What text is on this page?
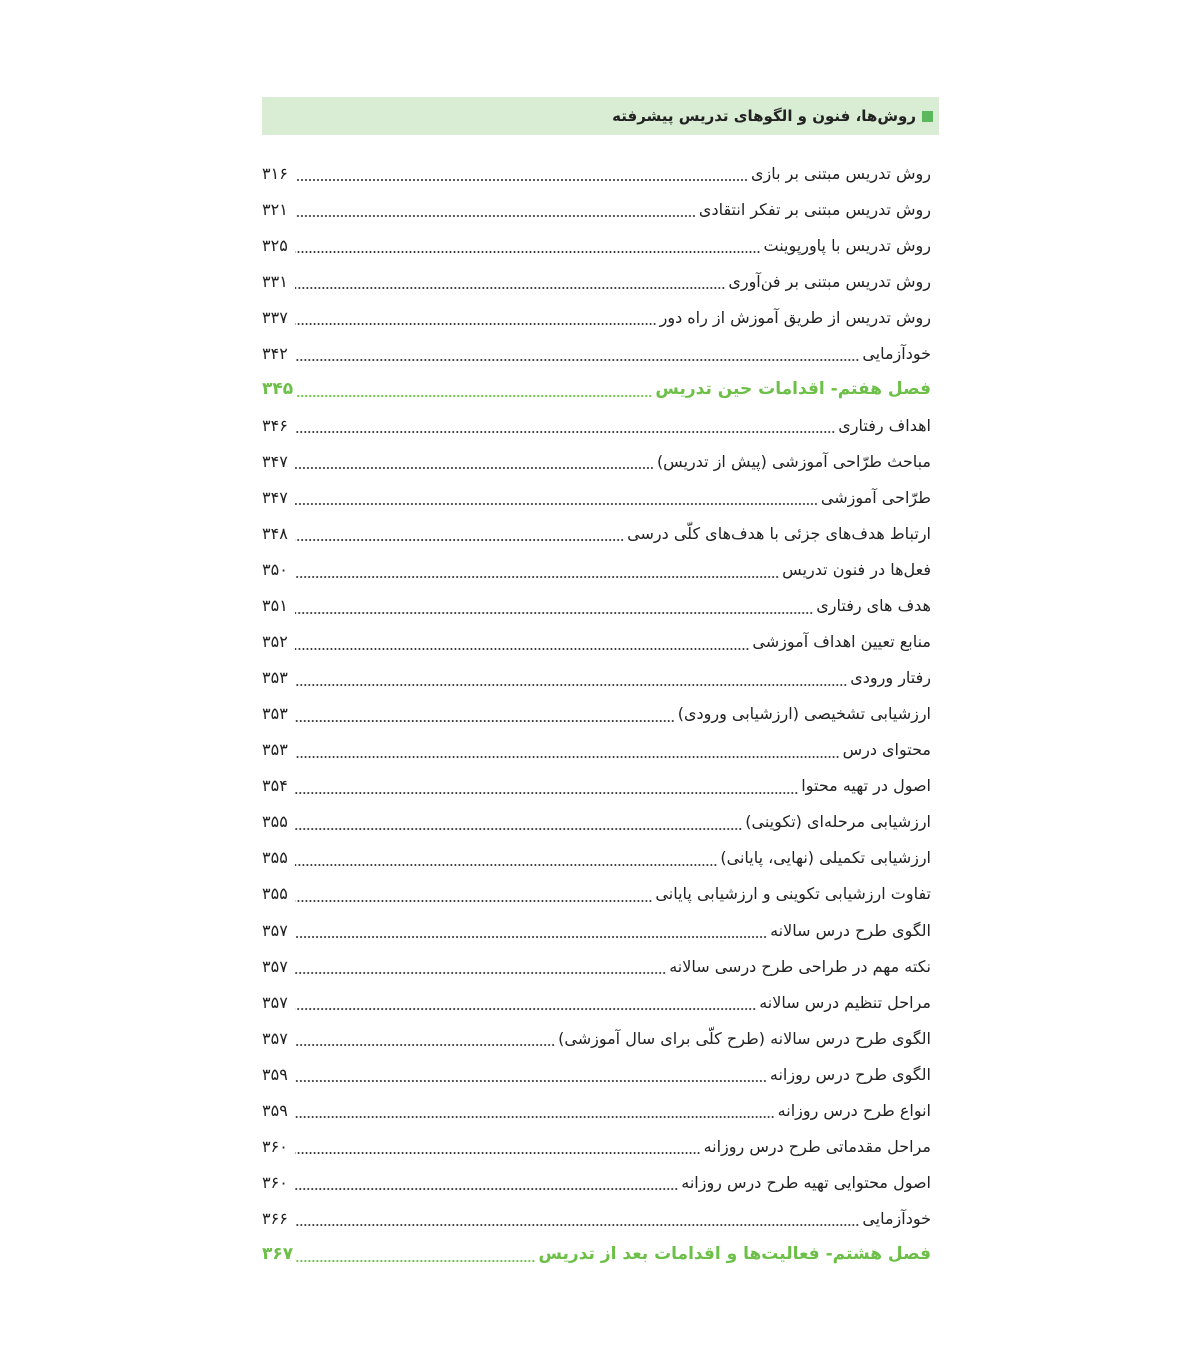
روش‌ها، فنون و الگوهای تدریس پیشرفته
روش تدریس مبتنی بر بازی
۳۱۶
روش تدریس مبتنی بر تفکر انتقادی
۳۲۱
روش تدریس با پاورپوینت
۳۲۵
روش تدریس مبتنی بر فن‌آوری
۳۳۱
روش تدریس از طریق آموزش از راه دور
۳۳۷
خودآزمایی
۳۴۲
فصل هفتم- اقدامات حین تدریس
۳۴۵
اهداف رفتاری
۳۴۶
مباحث طرّاحی آموزشی (پیش از تدریس)
۳۴۷
طرّاحی آموزشی
۳۴۷
ارتباط هدف‌های جزئی با هدف‌های کلّی درسی
۳۴۸
فعل‌ها در فنون تدریس
۳۵۰
هدف های رفتاری
۳۵۱
منابع تعیین اهداف آموزشی
۳۵۲
رفتار ورودی
۳۵۳
ارزشیابی تشخیصی (ارزشیابی ورودی)
۳۵۳
محتوای درس
۳۵۳
اصول در تهیه محتوا
۳۵۴
ارزشیابی مرحله‌ای (تکوینی)
۳۵۵
ارزشیابی تکمیلی (نهایی، پایانی)
۳۵۵
تفاوت ارزشیابی تکوینی و ارزشیابی پایانی
۳۵۵
الگوی طرح درس سالانه
۳۵۷
نکته مهم در طراحی طرح درسی سالانه
۳۵۷
مراحل تنظیم درس سالانه
۳۵۷
الگوی طرح درس سالانه (طرح کلّی برای سال آموزشی)
۳۵۷
الگوی طرح درس روزانه
۳۵۹
انواع طرح درس روزانه
۳۵۹
مراحل مقدماتی طرح درس روزانه
۳۶۰
اصول محتوایی تهیه طرح درس روزانه
۳۶۰
خودآزمایی
۳۶۶
فصل هشتم- فعالیت‌ها و اقدامات بعد از تدریس
۳۶۷
